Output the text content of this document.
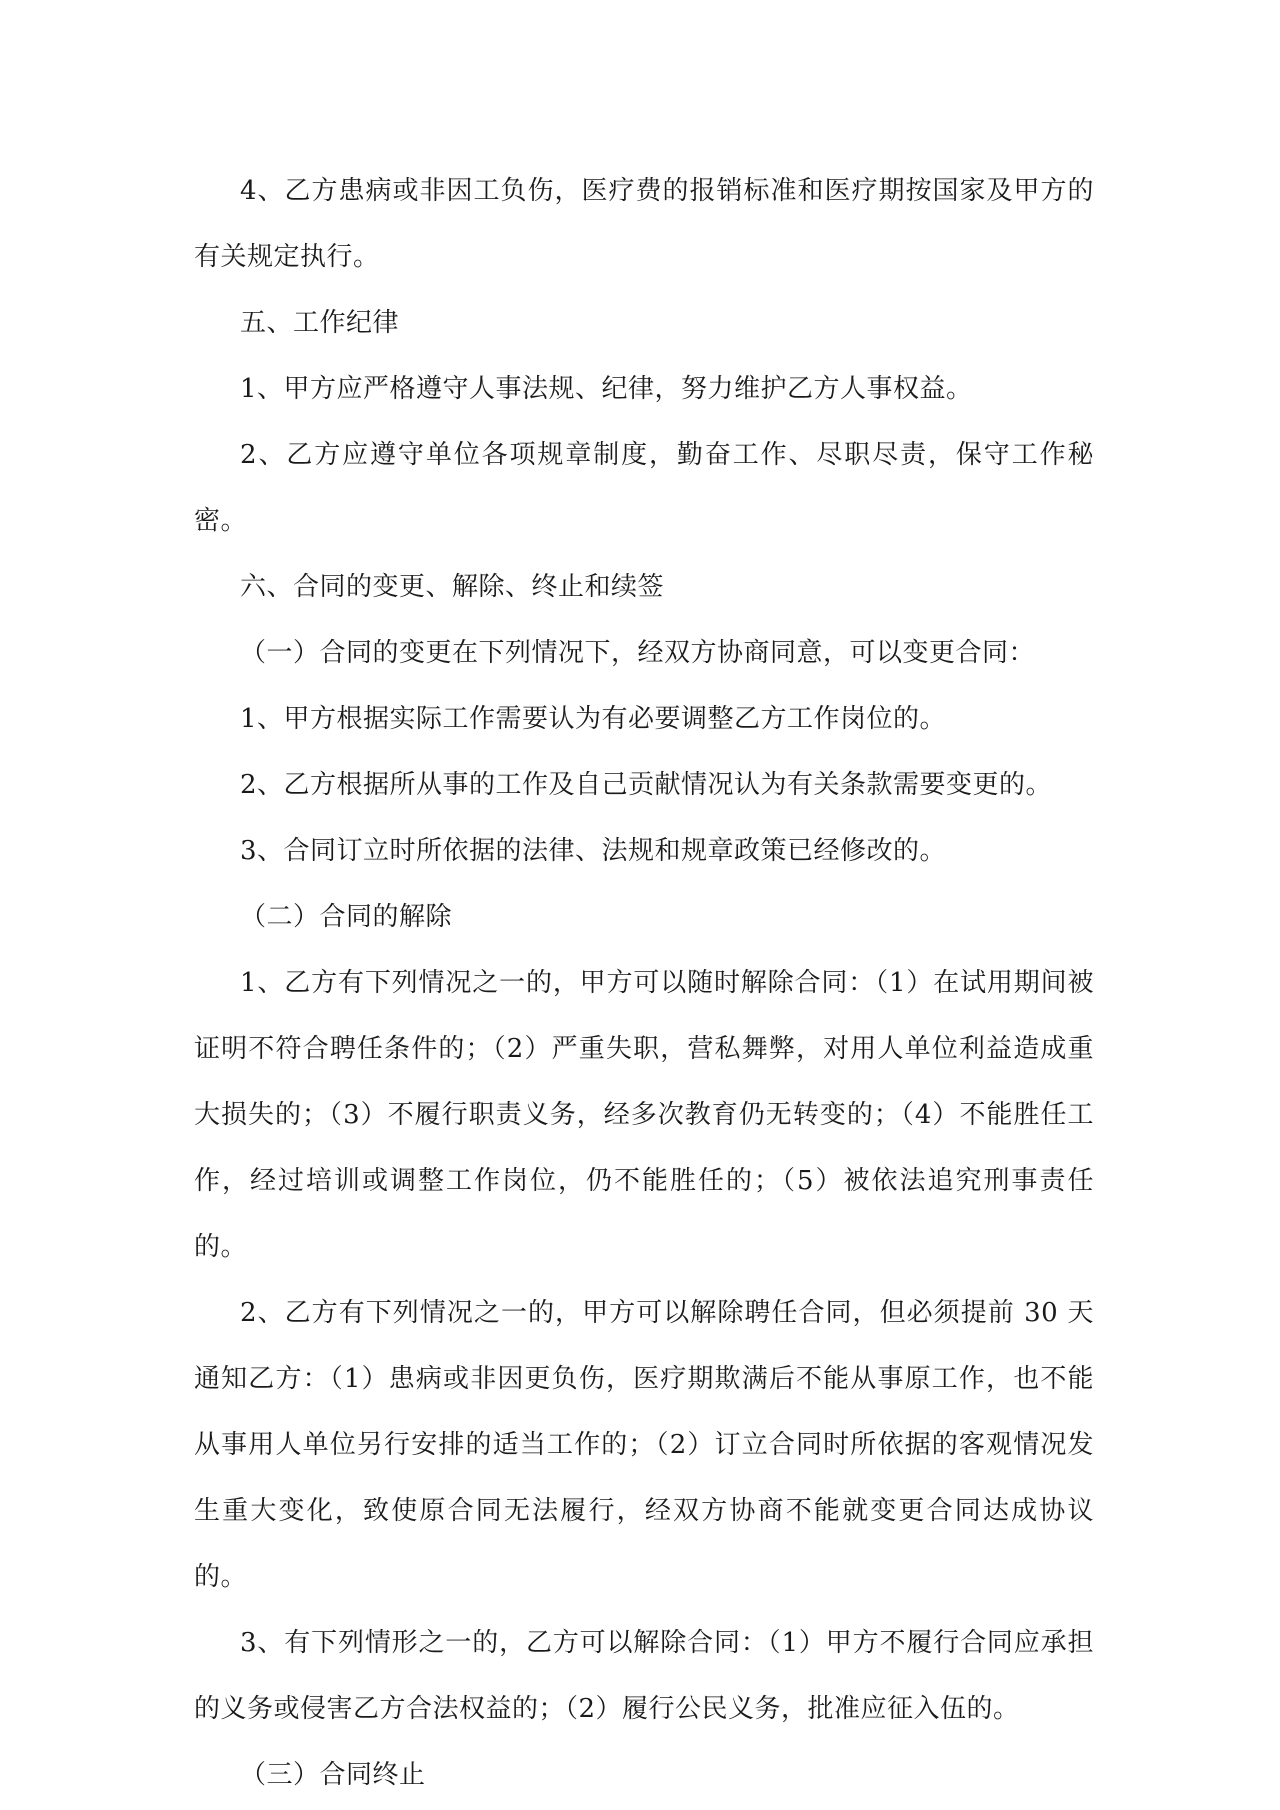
4、乙方患病或非因工负伤，医疗费的报销标准和医疗期按国家及甲方的有关规定执行。

五、工作纪律

1、甲方应严格遵守人事法规、纪律，努力维护乙方人事权益。

2、乙方应遵守单位各项规章制度，勤奋工作、尽职尽责，保守工作秘密。

六、合同的变更、解除、终止和续签

（一）合同的变更在下列情况下，经双方协商同意，可以变更合同：

1、甲方根据实际工作需要认为有必要调整乙方工作岗位的。

2、乙方根据所从事的工作及自己贡献情况认为有关条款需要变更的。

3、合同订立时所依据的法律、法规和规章政策已经修改的。

（二）合同的解除

1、乙方有下列情况之一的，甲方可以随时解除合同：（1）在试用期间被证明不符合聘任条件的；（2）严重失职，营私舞弊，对用人单位利益造成重大损失的；（3）不履行职责义务，经多次教育仍无转变的；（4）不能胜任工作，经过培训或调整工作岗位，仍不能胜任的；（5）被依法追究刑事责任的。

2、乙方有下列情况之一的，甲方可以解除聘任合同，但必须提前 30 天通知乙方：（1）患病或非因更负伤，医疗期欺满后不能从事原工作，也不能从事用人单位另行安排的适当工作的；（2）订立合同时所依据的客观情况发生重大变化，致使原合同无法履行，经双方协商不能就变更合同达成协议的。

3、有下列情形之一的，乙方可以解除合同：（1）甲方不履行合同应承担的义务或侵害乙方合法权益的；（2）履行公民义务，批准应征入伍的。

（三）合同终止
